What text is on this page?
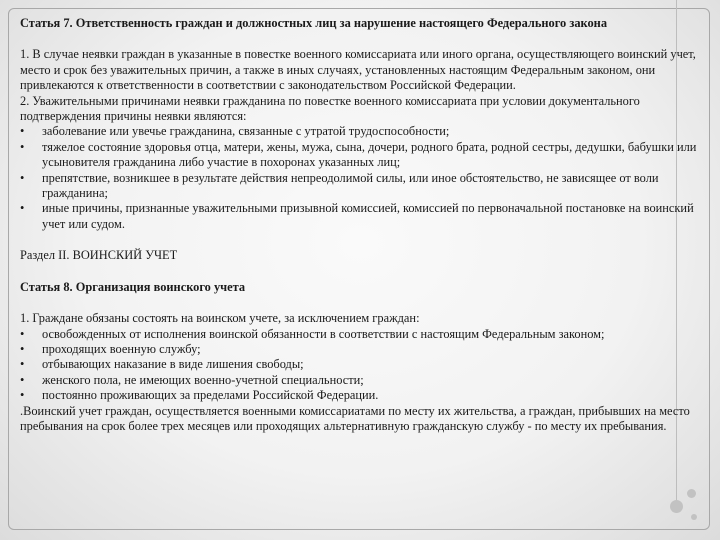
Статья 7. Ответственность граждан и должностных лиц за нарушение настоящего Федерального закона

1. В случае неявки граждан в указанные в повестке военного комиссариата или иного органа, осуществляющего воинский учет, место и срок без уважительных причин, а также в иных случаях, установленных настоящим Федеральным законом, они привлекаются к ответственности в соответствии с законодательством Российской Федерации.

2. Уважительными причинами неявки гражданина по повестке военного комиссариата при условии документального подтверждения причины неявки являются:

• заболевание или увечье гражданина, связанные с утратой трудоспособности;
• тяжелое состояние здоровья отца, матери, жены, мужа, сына, дочери, родного брата, родной сестры, дедушки, бабушки или усыновителя гражданина либо участие в похоронах указанных лиц;
• препятствие, возникшее в результате действия непреодолимой силы, или иное обстоятельство, не зависящее от воли гражданина;
• иные причины, признанные уважительными призывной комиссией, комиссией по первоначальной постановке на воинский учет или судом.

Раздел II. ВОИНСКИЙ УЧЕТ

Статья 8. Организация воинского учета

1. Граждане обязаны состоять на воинском учете, за исключением граждан:

• освобожденных от исполнения воинской обязанности в соответствии с настоящим Федеральным законом;
• проходящих военную службу;
• отбывающих наказание в виде лишения свободы;
• женского пола, не имеющих военно-учетной специальности;
• постоянно проживающих за пределами Российской Федерации.

.Воинский учет граждан, осуществляется военными комиссариатами по месту их жительства, а граждан, прибывших на место пребывания на срок более трех месяцев или проходящих альтернативную гражданскую службу - по месту их пребывания.
